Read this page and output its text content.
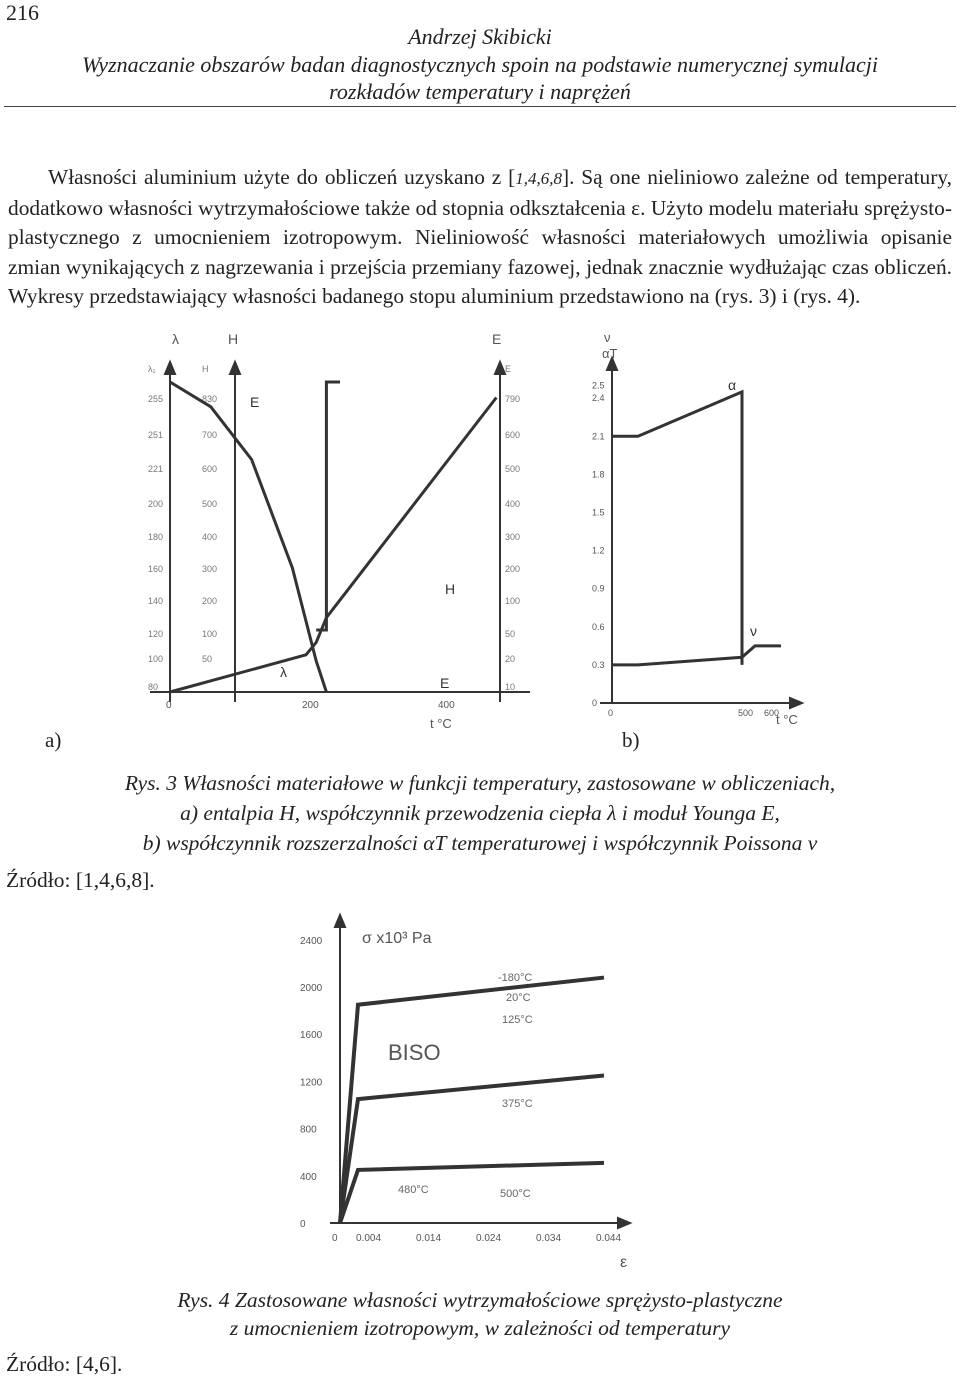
216
Andrzej Skibicki
Wyznaczanie obszarów badan diagnostycznych spoin na podstawie numerycznej symulacji
rozkładów temperatury i naprężeń
Własności aluminium użyte do obliczeń uzyskano z [1,4,6,8]. Są one nieliniowo zależne od temperatury, dodatkowo własności wytrzymałościowe także od stopnia odkształcenia ε. Użyto modelu materiału sprężysto-plastycznego z umocnieniem izotropowym. Nieliniowość własności materiałowych umożliwia opisanie zmian wynikających z nagrzewania i przejścia przemiany fazowej, jednak znacznie wydłużając czas obliczeń. Wykresy przedstawiający własności badanego stopu aluminium przedstawiono na (rys. 3) i (rys. 4).
λ₁
255
251
221
200
180
160
140
120
100
80
H
830
700
600
500
400
300
200
100
50
E
790
600
500
400
300
200
100
50
20
10
0	200	400
E
H
λ
E
t °C
λ	H	E
0
0.3
0.6
0.9
1.2
1.5
1.8
2.1
2.4
2.5
0	500 600
α
ν
t °C
ν
αT
a)	b)
Rys. 3 Własności materiałowe w funkcji temperatury, zastosowane w obliczeniach,
a) entalpia H, współczynnik przewodzenia ciepła λ i moduł Younga E,
b) współczynnik rozszerzalności αT temperaturowej i współczynnik Poissona ν
Źródło: [1,4,6,8].
0
400
800
1200
1600
2000
2400
0 0.004	0.014	0.024	0.034	0.044
-180°C
20°C
125°C
375°C
480°C	500°C
σ x10³ Pa
BISO
ε
Rys. 4 Zastosowane własności wytrzymałościowe sprężysto-plastyczne
z umocnieniem izotropowym, w zależności od temperatury
Źródło: [4,6].
